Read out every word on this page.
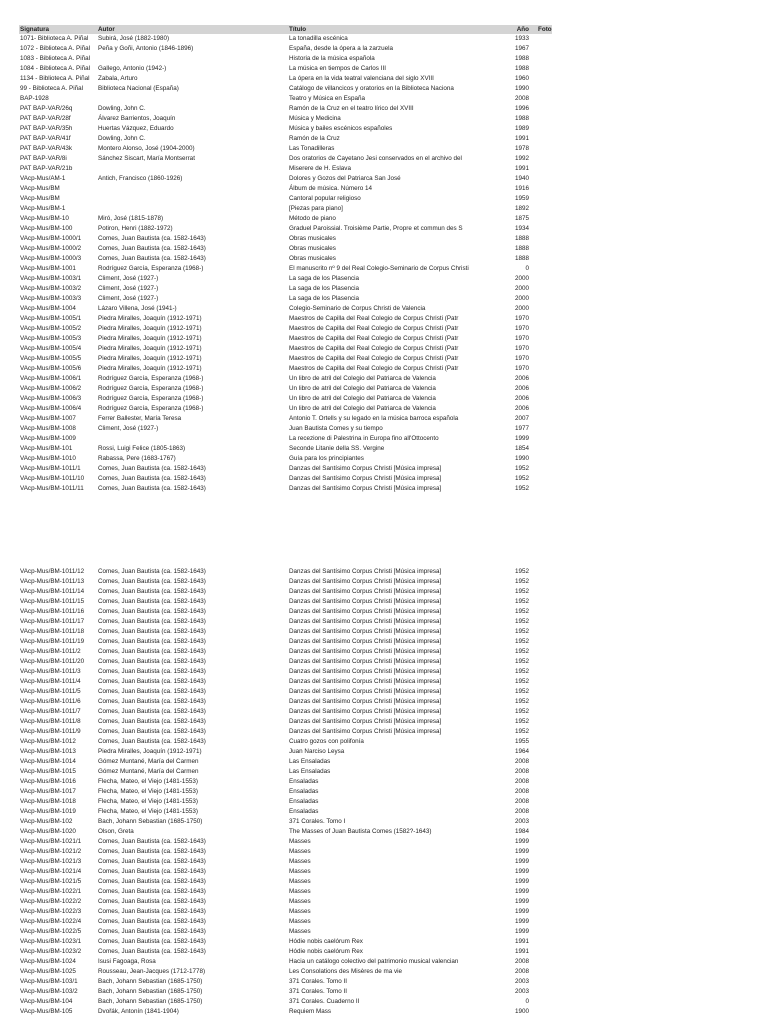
Signatura	Autor	Título	Año	Foto
1071- Biblioteca A. Piñal	Subirá, José (1882-1980)	La tonadilla escénica	1933	
1072 - Biblioteca A. Piñal	Peña y Goñi, Antonio (1846-1896)	España, desde la ópera a la zarzuela	1967	
1083 - Biblioteca A. Piñal		Historia de la música española	1988	
1084 - Biblioteca A. Piñal	Gallego, Antonio (1942-)	La música en tiempos de Carlos III	1988	
1134 - Biblioteca A. Piñal	Zabala, Arturo	La ópera en la vida teatral valenciana del siglo XVIII	1960	
99 - Biblioteca A. Piñal	Biblioteca Nacional (España)	Catálogo de villancicos y oratorios en la Biblioteca Naciona	1990	
BAP-1928		Teatro y Música en España	2008	
PAT BAP-VAR/26q	Dowling, John C.	Ramón de la Cruz en el teatro lírico del XVIII	1996	
PAT BAP-VAR/28f	Álvarez Barrientos, Joaquín	Música y Medicina	1988	
PAT BAP-VAR/35h	Huertas Vázquez, Eduardo	Música y bailes escénicos españoles	1989	
PAT BAP-VAR/41f	Dowling, John C.	Ramón de la Cruz	1991	
PAT BAP-VAR/43k	Montero Alonso, José (1904-2000)	Las Tonadilleras	1978	
PAT BAP-VAR/8i	Sánchez Siscart, María Montserrat	Dos oratorios de Cayetano Jesi conservados en el archivo del	1992	
PAT BAP-VAR/21b		Miserere de H. Eslava	1991	
VAcp-Mus/AM-1	Antich, Francisco (1860-1926)	Dolores y Gozos del Patriarca San José	1940	
VAcp-Mus/BM		Álbum de música. Número 14	1916	
VAcp-Mus/BM		Cantoral popular religioso	1959	
VAcp-Mus/BM-1		[Piezas para piano]	1892	
VAcp-Mus/BM-10	Miró, José (1815-1878)	Método de piano	1875	
VAcp-Mus/BM-100	Potiron, Henri (1882-1972)	Graduel Paroissial. Troisième Partie, Propre et commun des S	1934	
VAcp-Mus/BM-1000/1	Comes, Juan Bautista (ca. 1582-1643)	Obras musicales	1888	
VAcp-Mus/BM-1000/2	Comes, Juan Bautista (ca. 1582-1643)	Obras musicales	1888	
VAcp-Mus/BM-1000/3	Comes, Juan Bautista (ca. 1582-1643)	Obras musicales	1888	
VAcp-Mus/BM-1001	Rodríguez García, Esperanza (1968-)	El manuscrito nº 9 del Real Colegio-Seminario de Corpus Christi	0	
VAcp-Mus/BM-1003/1	Climent, José (1927-)	La saga de los Plasencia	2000	
VAcp-Mus/BM-1003/2	Climent, José (1927-)	La saga de los Plasencia	2000	
VAcp-Mus/BM-1003/3	Climent, José (1927-)	La saga de los Plasencia	2000	
VAcp-Mus/BM-1004	Lázaro Villena, José (1941-)	Colegio-Seminario de Corpus Christi de Valencia	2000	
VAcp-Mus/BM-1005/1	Piedra Miralles, Joaquín (1912-1971)	Maestros de Capilla del Real Colegio de Corpus Christi (Patr	1970	
VAcp-Mus/BM-1005/2	Piedra Miralles, Joaquín (1912-1971)	Maestros de Capilla del Real Colegio de Corpus Christi (Patr	1970	
VAcp-Mus/BM-1005/3	Piedra Miralles, Joaquín (1912-1971)	Maestros de Capilla del Real Colegio de Corpus Christi (Patr	1970	
VAcp-Mus/BM-1005/4	Piedra Miralles, Joaquín (1912-1971)	Maestros de Capilla del Real Colegio de Corpus Christi (Patr	1970	
VAcp-Mus/BM-1005/5	Piedra Miralles, Joaquín (1912-1971)	Maestros de Capilla del Real Colegio de Corpus Christi (Patr	1970	
VAcp-Mus/BM-1005/6	Piedra Miralles, Joaquín (1912-1971)	Maestros de Capilla del Real Colegio de Corpus Christi (Patr	1970	
VAcp-Mus/BM-1006/1	Rodríguez García, Esperanza (1968-)	Un libro de atril del Colegio del Patriarca de Valencia	2006	
VAcp-Mus/BM-1006/2	Rodríguez García, Esperanza (1968-)	Un libro de atril del Colegio del Patriarca de Valencia	2006	
VAcp-Mus/BM-1006/3	Rodríguez García, Esperanza (1968-)	Un libro de atril del Colegio del Patriarca de Valencia	2006	
VAcp-Mus/BM-1006/4	Rodríguez García, Esperanza (1968-)	Un libro de atril del Colegio del Patriarca de Valencia	2006	
VAcp-Mus/BM-1007	Ferrer Ballester, María Teresa	Antonio T. Ortells y su legado en la música barroca española	2007	
VAcp-Mus/BM-1008	Climent, José (1927-)	Juan Bautista Comes y su tiempo	1977	
VAcp-Mus/BM-1009		La recezione di Palestrina in Europa fino all'Ottocento	1999	
VAcp-Mus/BM-101	Rossi, Luigi Felice (1805-1863)	Seconde Litanie della SS. Vergine	1854	
VAcp-Mus/BM-1010	Rabassa, Pere (1683-1767)	Guía para los principiantes	1990	
VAcp-Mus/BM-1011/1	Comes, Juan Bautista (ca. 1582-1643)	Danzas del Santísimo Corpus Christi [Música impresa]	1952	
VAcp-Mus/BM-1011/10	Comes, Juan Bautista (ca. 1582-1643)	Danzas del Santísimo Corpus Christi [Música impresa]	1952	
VAcp-Mus/BM-1011/11	Comes, Juan Bautista (ca. 1582-1643)	Danzas del Santísimo Corpus Christi [Música impresa]	1952	
VAcp-Mus/BM-1011/12	Comes, Juan Bautista (ca. 1582-1643)	Danzas del Santísimo Corpus Christi [Música impresa]	1952	
VAcp-Mus/BM-1011/13	Comes, Juan Bautista (ca. 1582-1643)	Danzas del Santísimo Corpus Christi [Música impresa]	1952	
VAcp-Mus/BM-1011/14	Comes, Juan Bautista (ca. 1582-1643)	Danzas del Santísimo Corpus Christi [Música impresa]	1952	
VAcp-Mus/BM-1011/15	Comes, Juan Bautista (ca. 1582-1643)	Danzas del Santísimo Corpus Christi [Música impresa]	1952	
VAcp-Mus/BM-1011/16	Comes, Juan Bautista (ca. 1582-1643)	Danzas del Santísimo Corpus Christi [Música impresa]	1952	
VAcp-Mus/BM-1011/17	Comes, Juan Bautista (ca. 1582-1643)	Danzas del Santísimo Corpus Christi [Música impresa]	1952	
VAcp-Mus/BM-1011/18	Comes, Juan Bautista (ca. 1582-1643)	Danzas del Santísimo Corpus Christi [Música impresa]	1952	
VAcp-Mus/BM-1011/19	Comes, Juan Bautista (ca. 1582-1643)	Danzas del Santísimo Corpus Christi [Música impresa]	1952	
VAcp-Mus/BM-1011/2	Comes, Juan Bautista (ca. 1582-1643)	Danzas del Santísimo Corpus Christi [Música impresa]	1952	
VAcp-Mus/BM-1011/20	Comes, Juan Bautista (ca. 1582-1643)	Danzas del Santísimo Corpus Christi [Música impresa]	1952	
VAcp-Mus/BM-1011/3	Comes, Juan Bautista (ca. 1582-1643)	Danzas del Santísimo Corpus Christi [Música impresa]	1952	
VAcp-Mus/BM-1011/4	Comes, Juan Bautista (ca. 1582-1643)	Danzas del Santísimo Corpus Christi [Música impresa]	1952	
VAcp-Mus/BM-1011/5	Comes, Juan Bautista (ca. 1582-1643)	Danzas del Santísimo Corpus Christi [Música impresa]	1952	
VAcp-Mus/BM-1011/6	Comes, Juan Bautista (ca. 1582-1643)	Danzas del Santísimo Corpus Christi [Música impresa]	1952	
VAcp-Mus/BM-1011/7	Comes, Juan Bautista (ca. 1582-1643)	Danzas del Santísimo Corpus Christi [Música impresa]	1952	
VAcp-Mus/BM-1011/8	Comes, Juan Bautista (ca. 1582-1643)	Danzas del Santísimo Corpus Christi [Música impresa]	1952	
VAcp-Mus/BM-1011/9	Comes, Juan Bautista (ca. 1582-1643)	Danzas del Santísimo Corpus Christi [Música impresa]	1952	
VAcp-Mus/BM-1012	Comes, Juan Bautista (ca. 1582-1643)	Cuatro gozos con polifonía	1955	
VAcp-Mus/BM-1013	Piedra Miralles, Joaquín (1912-1971)	Juan Narciso Leysa	1964	
VAcp-Mus/BM-1014	Gómez Muntané, María del Carmen	Las Ensaladas	2008	
VAcp-Mus/BM-1015	Gómez Muntané, María del Carmen	Las Ensaladas	2008	
VAcp-Mus/BM-1016	Flecha, Mateo, el Viejo (1481-1553)	Ensaladas	2008	
VAcp-Mus/BM-1017	Flecha, Mateo, el Viejo (1481-1553)	Ensaladas	2008	
VAcp-Mus/BM-1018	Flecha, Mateo, el Viejo (1481-1553)	Ensaladas	2008	
VAcp-Mus/BM-1019	Flecha, Mateo, el Viejo (1481-1553)	Ensaladas	2008	
VAcp-Mus/BM-102	Bach, Johann Sebastian (1685-1750)	371 Corales. Tomo I	2003	
VAcp-Mus/BM-1020	Olson, Greta	The Masses of Juan Bautista Comes (1582?-1643)	1984	
VAcp-Mus/BM-1021/1	Comes, Juan Bautista (ca. 1582-1643)	Masses	1999	
VAcp-Mus/BM-1021/2	Comes, Juan Bautista (ca. 1582-1643)	Masses	1999	
VAcp-Mus/BM-1021/3	Comes, Juan Bautista (ca. 1582-1643)	Masses	1999	
VAcp-Mus/BM-1021/4	Comes, Juan Bautista (ca. 1582-1643)	Masses	1999	
VAcp-Mus/BM-1021/5	Comes, Juan Bautista (ca. 1582-1643)	Masses	1999	
VAcp-Mus/BM-1022/1	Comes, Juan Bautista (ca. 1582-1643)	Masses	1999	
VAcp-Mus/BM-1022/2	Comes, Juan Bautista (ca. 1582-1643)	Masses	1999	
VAcp-Mus/BM-1022/3	Comes, Juan Bautista (ca. 1582-1643)	Masses	1999	
VAcp-Mus/BM-1022/4	Comes, Juan Bautista (ca. 1582-1643)	Masses	1999	
VAcp-Mus/BM-1022/5	Comes, Juan Bautista (ca. 1582-1643)	Masses	1999	
VAcp-Mus/BM-1023/1	Comes, Juan Bautista (ca. 1582-1643)	Hódie nobis caelórum Rex	1991	
VAcp-Mus/BM-1023/2	Comes, Juan Bautista (ca. 1582-1643)	Hódie nobis caelórum Rex	1991	
VAcp-Mus/BM-1024	Isusi Fagoaga, Rosa	Hacia un catálogo colectivo del patrimonio musical valencian	2008	
VAcp-Mus/BM-1025	Rousseau, Jean-Jacques (1712-1778)	Les Consolations des Misères de ma vie	2008	
VAcp-Mus/BM-103/1	Bach, Johann Sebastian (1685-1750)	371 Corales. Tomo II	2003	
VAcp-Mus/BM-103/2	Bach, Johann Sebastian (1685-1750)	371 Corales. Tomo II	2003	
VAcp-Mus/BM-104	Bach, Johann Sebastian (1685-1750)	371 Corales. Cuaderno II	0	
VAcp-Mus/BM-105	Dvořák, Antonín (1841-1904)	Requiem Mass	1900	
